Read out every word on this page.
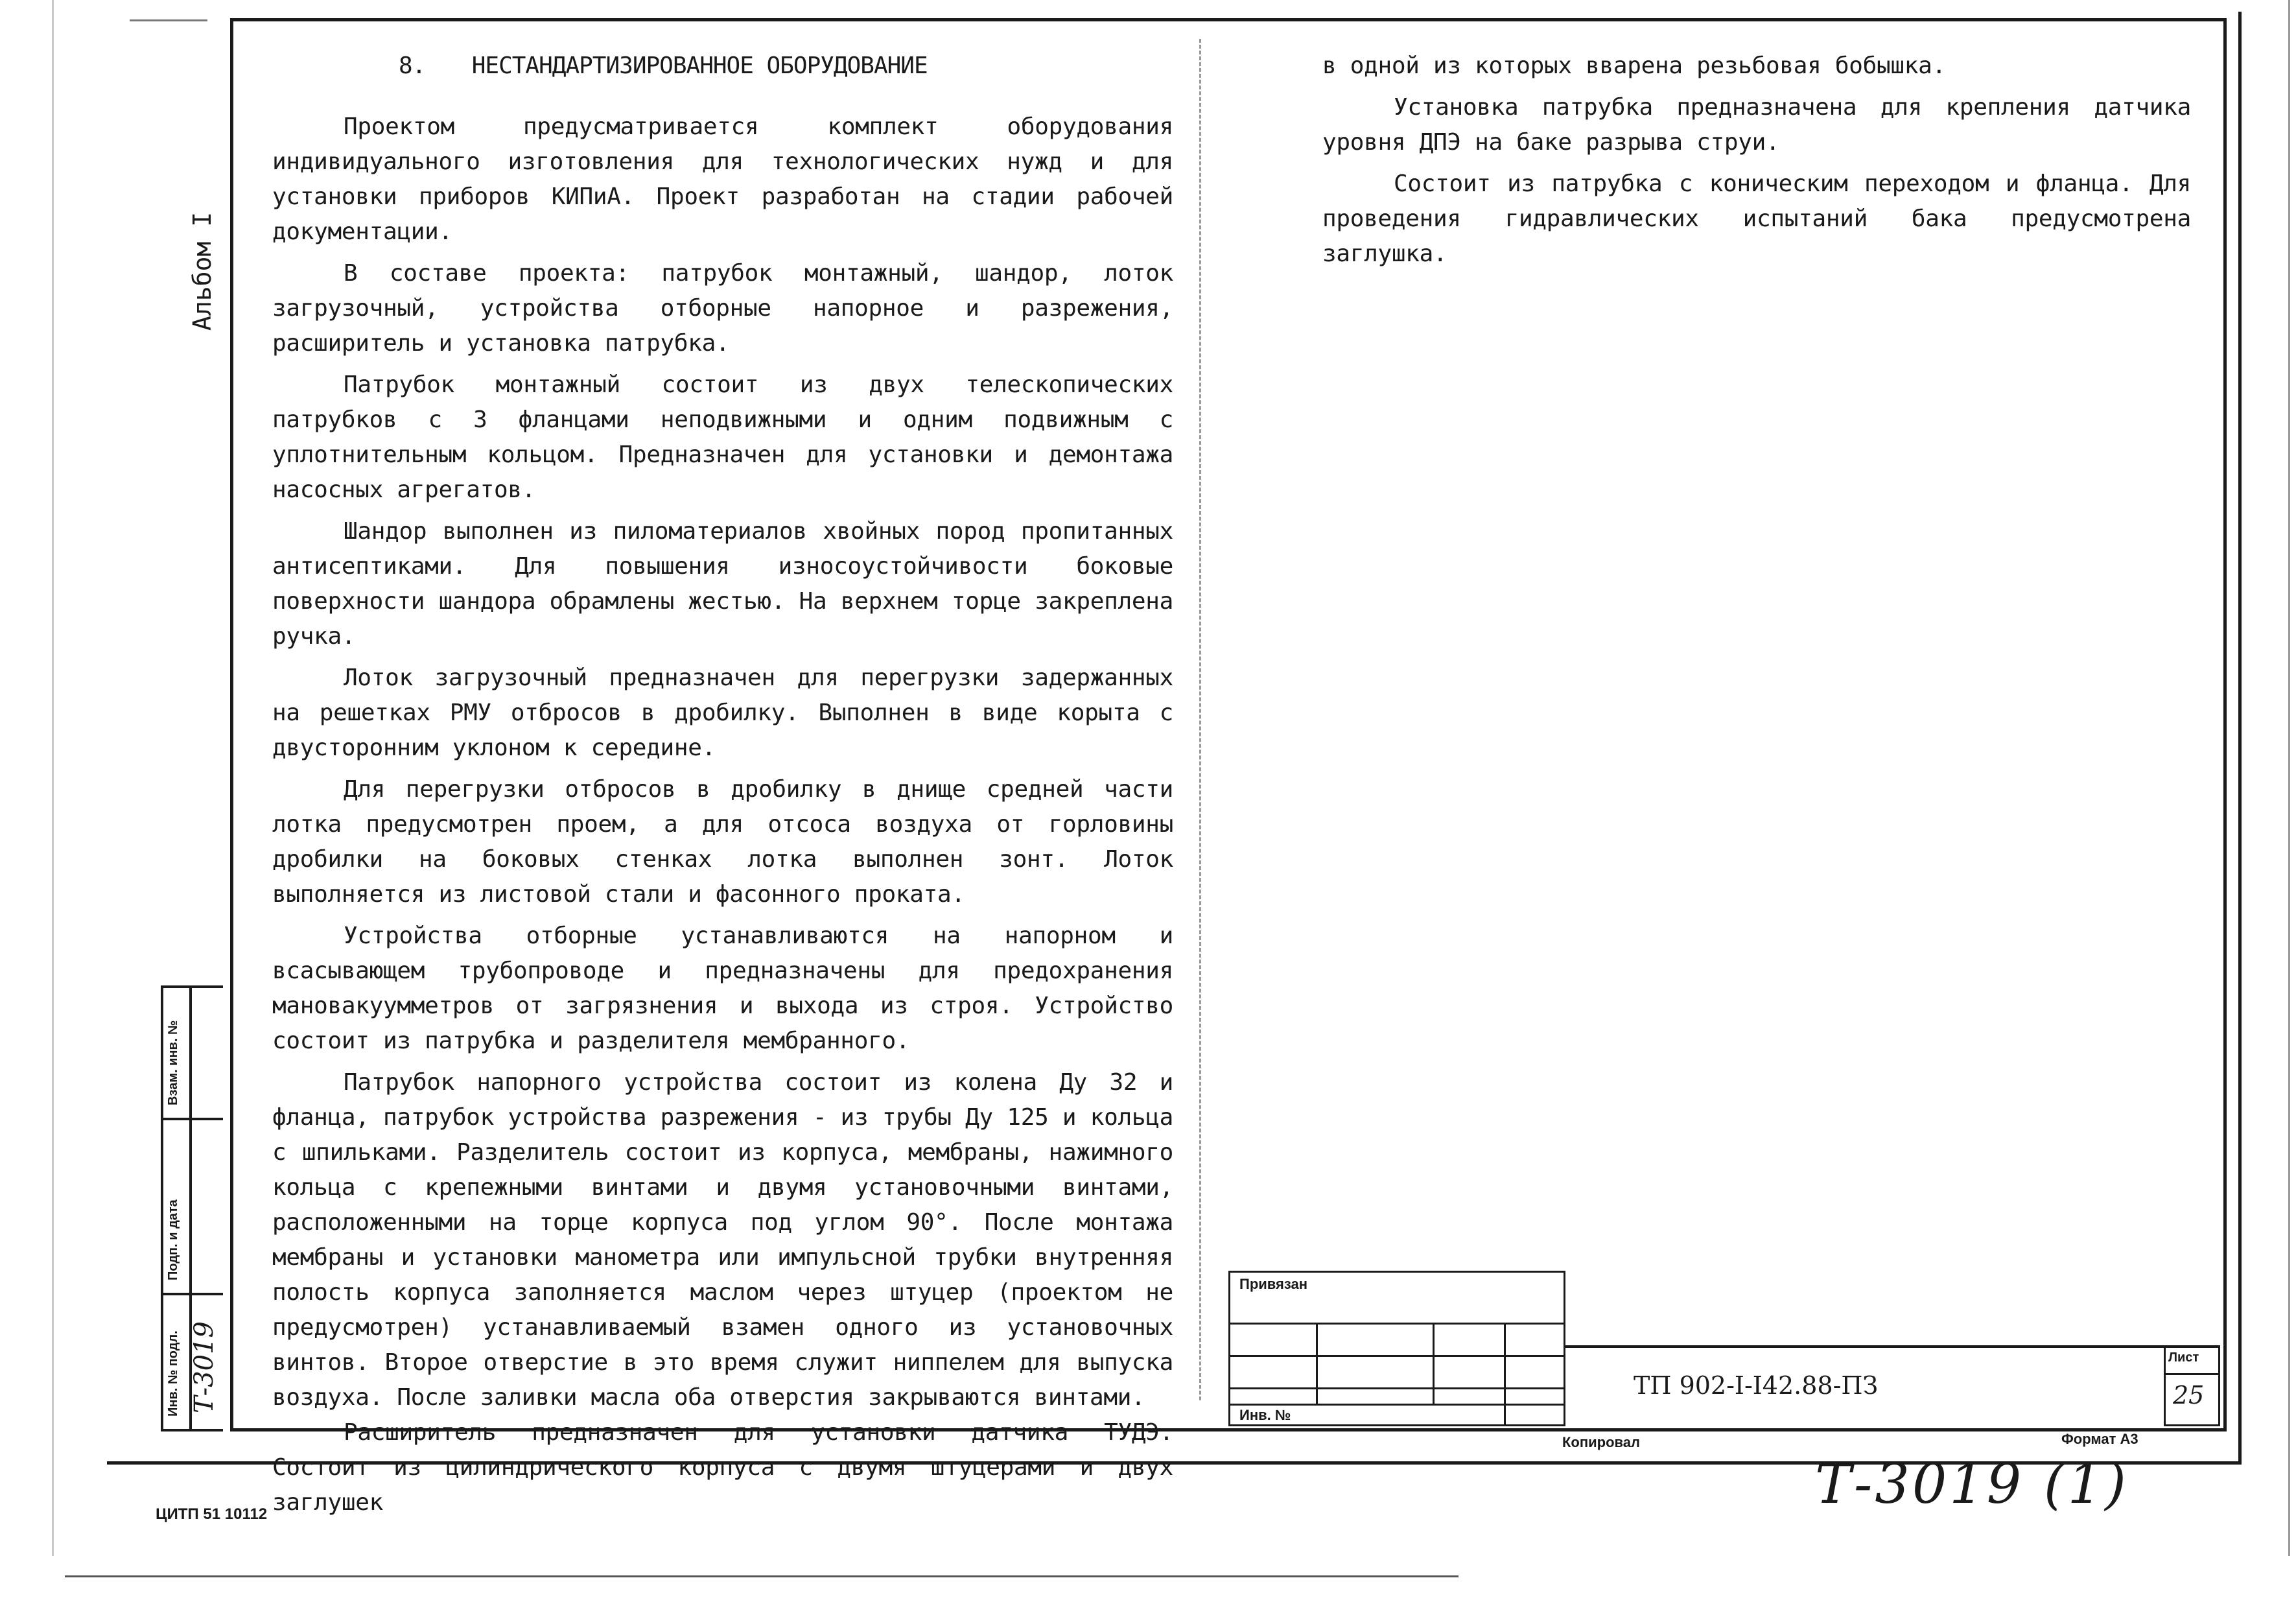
Взам. инв. №
Подп. и дата
Инв. № подл. Т-3019
Альбом I
8. НЕСТАНДАРТИЗИРОВАННОЕ ОБОРУДОВАНИЕ

Проектом предусматривается комплект оборудования индивидуального изготовления для технологических нужд и для установки приборов КИПиА. Проект разработан на стадии рабочей документации.

В составе проекта: патрубок монтажный, шандор, лоток загрузочный, устройства отборные напорное и разрежения, расширитель и установка патрубка.

Патрубок монтажный состоит из двух телескопических патрубков с 3 фланцами неподвижными и одним подвижным с уплотнительным кольцом. Предназначен для установки и демонтажа насосных агрегатов.

Шандор выполнен из пиломатериалов хвойных пород пропитанных антисептиками. Для повышения износоустойчивости боковые поверхности шандора обрамлены жестью. На верхнем торце закреплена ручка.

Лоток загрузочный предназначен для перегрузки задержанных на решетках РМУ отбросов в дробилку. Выполнен в виде корыта с двусторонним уклоном к середине.

Для перегрузки отбросов в дробилку в днище средней части лотка предусмотрен проем, а для отсоса воздуха от горловины дробилки на боковых стенках лотка выполнен зонт. Лоток выполняется из листовой стали и фасонного проката.

Устройства отборные устанавливаются на напорном и всасывающем трубопроводе и предназначены для предохранения мановакуумметров от загрязнения и выхода из строя. Устройство состоит из патрубка и разделителя мембранного.

Патрубок напорного устройства состоит из колена Ду 32 и фланца, патрубок устройства разрежения - из трубы Ду 125 и кольца с шпильками. Разделитель состоит из корпуса, мембраны, нажимного кольца с крепежными винтами и двумя установочными винтами, расположенными на торце корпуса под углом 90°. После монтажа мембраны и установки манометра или импульсной трубки внутренняя полость корпуса заполняется маслом через штуцер (проектом не предусмотрен) устанавливаемый взамен одного из установочных винтов. Второе отверстие в это время служит ниппелем для выпуска воздуха. После заливки масла оба отверстия закрываются винтами.

Расширитель предназначен для установки датчика ТУДЭ. Состоит из цилиндрического корпуса с двумя штуцерами и двух заглушек

в одной из которых вварена резьбовая бобышка.

Установка патрубка предназначена для крепления датчика уровня ДПЭ на баке разрыва струи.

Состоит из патрубка с коническим переходом и фланца. Для проведения гидравлических испытаний бака предусмотрена заглушка.

Привязан
Инв. №
ТП 902-I-I42.88-ПЗ
Лист
25
Копировал	Формат А3
Т-3019 (1)
ЦИТП 51 10112
